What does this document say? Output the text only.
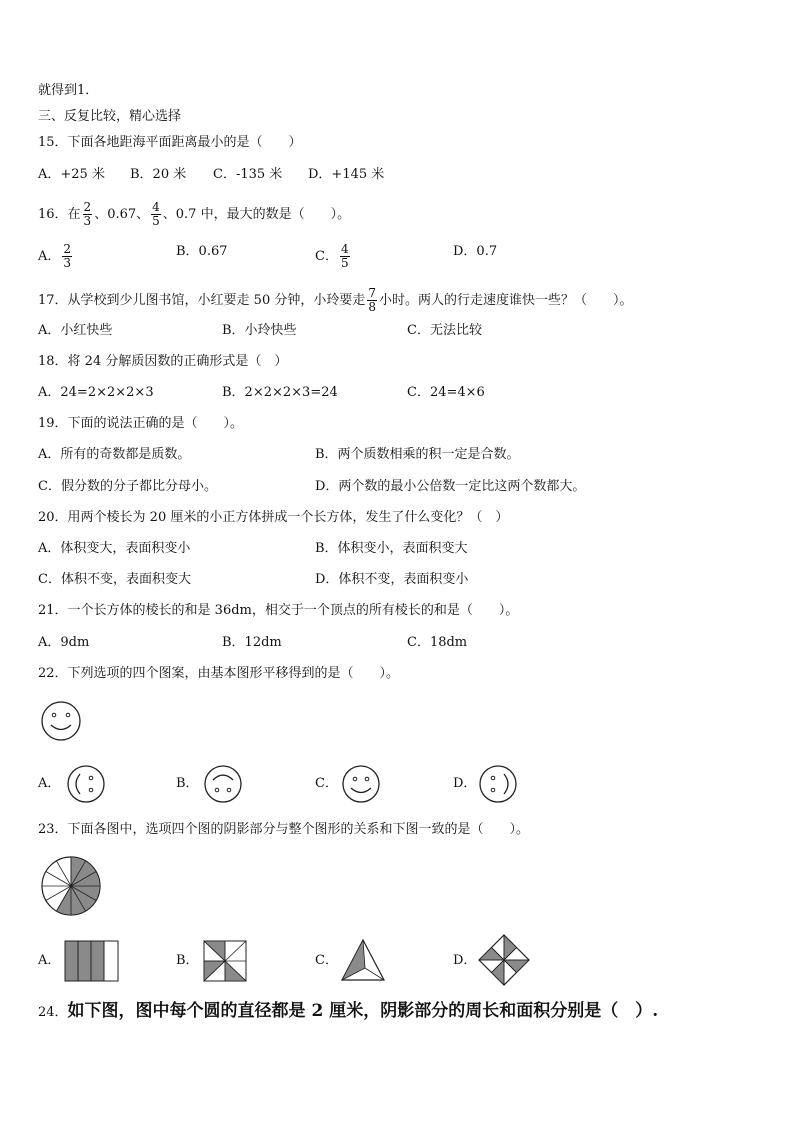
就得到1．
三、反复比较，精心选择
15．下面各地距海平面距离最小的是（　　）
A．+25 米 B．20 米 C．-135 米 D．+145 米
16．在 $\frac{2}{3}$ 、0.67、 $\frac{4}{5}$ 、0.7 中，最大的数是（　　）。
A． $\frac{2}{3}$	B．0.67	C． $\frac{4}{5}$	D．0.7
17．从学校到少儿图书馆，小红要走 50 分钟，小玲要走 $\frac{7}{8}$ 小时。两人的行走速度谁快一些？（　　）。
A．小红快些	B．小玲快些	C．无法比较
18．将 24 分解质因数的正确形式是（　）
A．24=2×2×2×3	B．2×2×2×3=24	C．24=4×6
19．下面的说法正确的是（　　）。
A．所有的奇数都是质数。	B．两个质数相乘的积一定是合数。
C．假分数的分子都比分母小。	D．两个数的最小公倍数一定比这两个数都大。
20．用两个棱长为 20 厘米的小正方体拼成一个长方体，发生了什么变化？（　）
A．体积变大，表面积变小	B．体积变小，表面积变大
C．体积不变，表面积变大	D．体积不变，表面积变小
21．一个长方体的棱长的和是 36dm，相交于一个顶点的所有棱长的和是（　　）。
A．9dm	B．12dm	C．18dm
22．下列选项的四个图案，由基本图形平移得到的是（　　）。
A．	B．	C．	D．
23．下面各图中，选项四个图的阴影部分与整个图形的关系和下图一致的是（　　）。
A．	B．	C．	D．
24．如下图，图中每个圆的直径都是 2 厘米，阴影部分的周长和面积分别是（　）.
